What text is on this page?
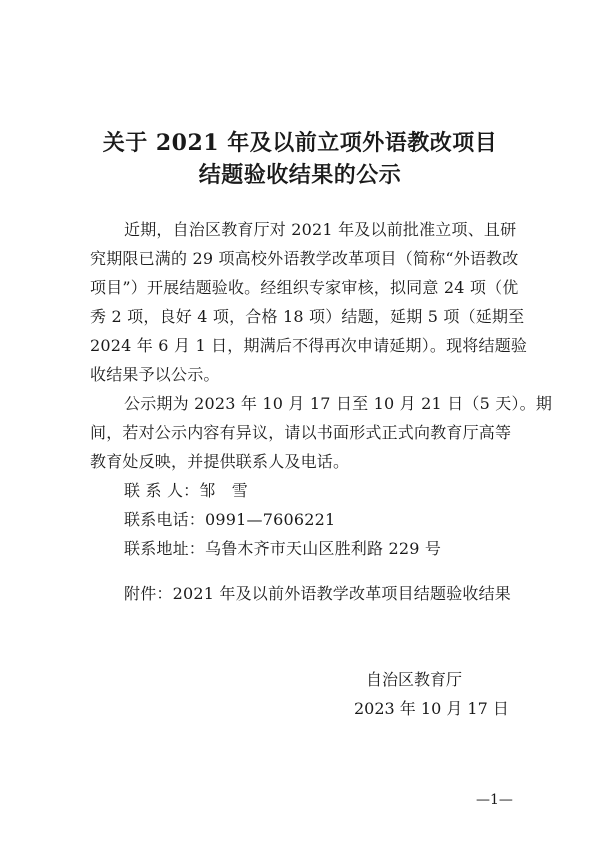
关于 2021 年及以前立项外语教改项目
结题验收结果的公示

近期，自治区教育厅对 2021 年及以前批准立项、且研

究期限已满的 29 项高校外语教学改革项目（简称“外语教改

项目”）开展结题验收。经组织专家审核，拟同意 24 项（优

秀 2 项，良好 4 项，合格 18 项）结题，延期 5 项（延期至

2024 年 6 月 1 日，期满后不得再次申请延期）。现将结题验

收结果予以公示。

公示期为 2023 年 10 月 17 日至 10 月 21 日（5 天）。期

间，若对公示内容有异议，请以书面形式正式向教育厅高等

教育处反映，并提供联系人及电话。

联 系 人：邹　雪

联系电话：0991—7606221

联系地址：乌鲁木齐市天山区胜利路 229 号

附件：2021 年及以前外语教学改革项目结题验收结果

自治区教育厅

2023 年 10 月 17 日

—1—
